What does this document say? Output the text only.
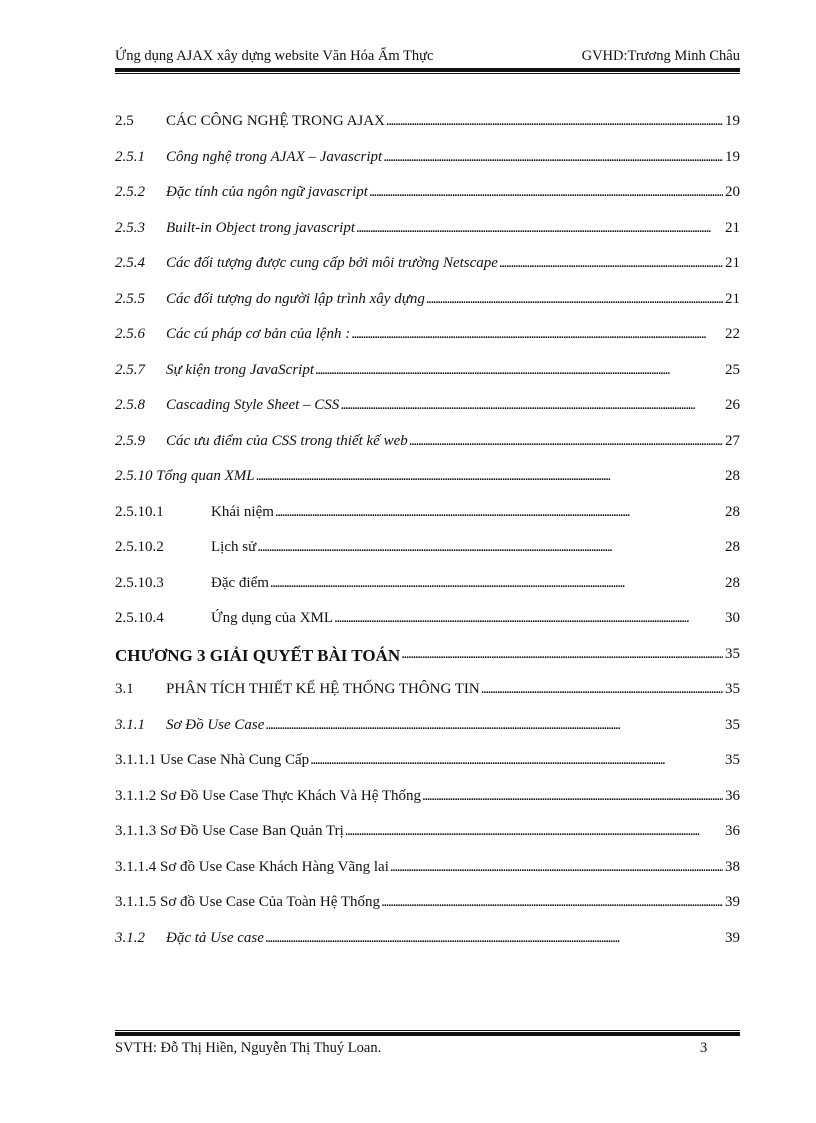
Ứng dụng AJAX xây dựng website Văn Hóa Ẩm Thực	GVHD:Trương Minh Châu
2.5	CÁC CÔNG NGHỆ TRONG AJAX . . .	19
2.5.1	Công nghệ trong AJAX – Javascript . . .	19
2.5.2	Đặc tính của ngôn ngữ javascript . . .	20
2.5.3	Built-in Object trong javascript . . .	21
2.5.4	Các đối tượng được cung cấp bởi môi trường Netscape . . .	21
2.5.5	Các đối tượng do người lập trình xây dựng . . .	21
2.5.6	Các cú pháp cơ bản của lệnh : . . .	22
2.5.7	Sự kiện trong JavaScript . . .	25
2.5.8	Cascading Style Sheet – CSS . . .	26
2.5.9	Các ưu điểm của CSS trong thiết kế web . . .	27
2.5.10 Tổng quan XML . . .	28
2.5.10.1	Khái niệm . . .	28
2.5.10.2	Lịch sử . . .	28
2.5.10.3	Đặc điểm . . .	28
2.5.10.4	Ứng dụng của XML . . .	30
CHƯƠNG 3 GIẢI QUYẾT BÀI TOÁN . . .	35
3.1	PHÂN TÍCH THIẾT KẾ HỆ THỐNG THÔNG TIN . . .	35
3.1.1	Sơ Đồ Use Case . . .	35
3.1.1.1 Use Case Nhà Cung Cấp . . .	35
3.1.1.2 Sơ Đồ Use Case Thực Khách Và Hệ Thống . . .	36
3.1.1.3 Sơ Đồ Use Case Ban Quản Trị . . .	36
3.1.1.4 Sơ đồ Use Case Khách Hàng Vãng lai . . .	38
3.1.1.5 Sơ đồ Use Case Của Toàn Hệ Thống . . .	39
3.1.2	Đặc tả Use case . . .	39
SVTH: Đỗ Thị Hiền, Nguyễn Thị Thuý Loan.	3
